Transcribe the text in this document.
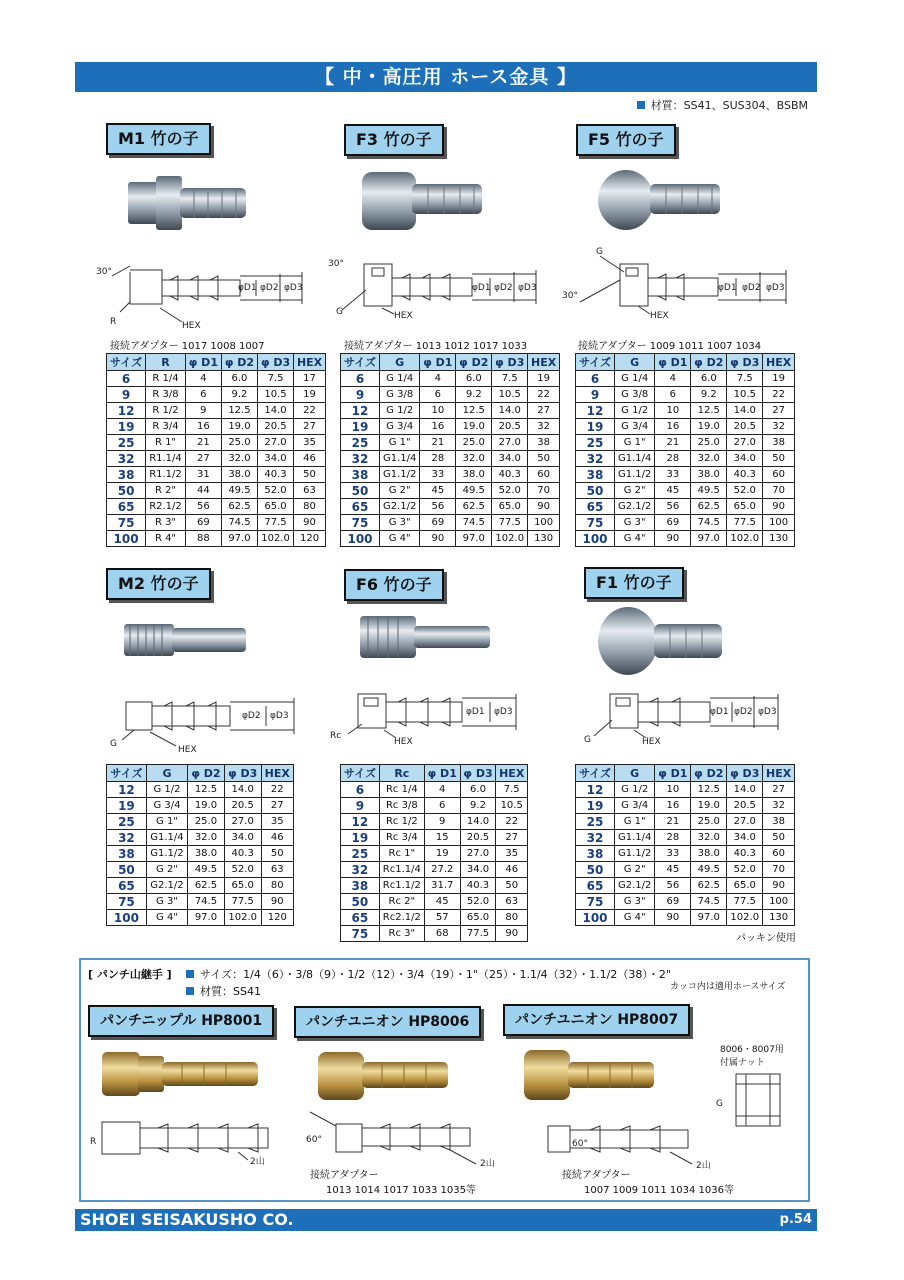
【 中・高圧用 ホース金具 】
材質：SS41、SUS304、BSBM
M1 竹の子	F3 竹の子	F5 竹の子
30°
R	HEX
φD1 φD2 φD3
30°
G	HEX
φD1 φD2 φD3
G
30°
HEX
φD1 φD2 φD3
接続アダプター 1017 1008 1007	接続アダプター 1013 1012 1017 1033	接続アダプター 1009 1011 1007 1034
サイズ	R	φ D1	φ D2	φ D3	HEX
6	R 1/4	4	6.0	7.5	17
9	R 3/8	6	9.2	10.5	19
12	R 1/2	9	12.5	14.0	22
19	R 3/4	16	19.0	20.5	27
25	R 1"	21	25.0	27.0	35
32	R1.1/4	27	32.0	34.0	46
38	R1.1/2	31	38.0	40.3	50
50	R 2"	44	49.5	52.0	63
65	R2.1/2	56	62.5	65.0	80
75	R 3"	69	74.5	77.5	90
100	R 4"	88	97.0	102.0	120
サイズ	G	φ D1	φ D2	φ D3	HEX
6	G 1/4	4	6.0	7.5	19
9	G 3/8	6	9.2	10.5	22
12	G 1/2	10	12.5	14.0	27
19	G 3/4	16	19.0	20.5	32
25	G 1"	21	25.0	27.0	38
32	G1.1/4	28	32.0	34.0	50
38	G1.1/2	33	38.0	40.3	60
50	G 2"	45	49.5	52.0	70
65	G2.1/2	56	62.5	65.0	90
75	G 3"	69	74.5	77.5	100
100	G 4"	90	97.0	102.0	130
サイズ	G	φ D1	φ D2	φ D3	HEX
6	G 1/4	4	6.0	7.5	19
9	G 3/8	6	9.2	10.5	22
12	G 1/2	10	12.5	14.0	27
19	G 3/4	16	19.0	20.5	32
25	G 1"	21	25.0	27.0	38
32	G1.1/4	28	32.0	34.0	50
38	G1.1/2	33	38.0	40.3	60
50	G 2"	45	49.5	52.0	70
65	G2.1/2	56	62.5	65.0	90
75	G 3"	69	74.5	77.5	100
100	G 4"	90	97.0	102.0	130
M2 竹の子	F6 竹の子	F1 竹の子
G
HEX
φD2 φD3
Rc
HEX
φD1 φD3
G	HEX
φD1 φD2 φD3
サイズ	G	φ D2	φ D3	HEX
12	G 1/2	12.5	14.0	22
19	G 3/4	19.0	20.5	27
25	G 1"	25.0	27.0	35
32	G1.1/4	32.0	34.0	46
38	G1.1/2	38.0	40.3	50
50	G 2"	49.5	52.0	63
65	G2.1/2	62.5	65.0	80
75	G 3"	74.5	77.5	90
100	G 4"	97.0	102.0	120
サイズ	Rc	φ D1	φ D3	HEX
6	Rc 1/4	4	6.0	7.5
9	Rc 3/8	6	9.2	10.5
12	Rc 1/2	9	14.0	22
19	Rc 3/4	15	20.5	27
25	Rc 1"	19	27.0	35
32	Rc1.1/4	27.2	34.0	46
38	Rc1.1/2	31.7	40.3	50
50	Rc 2"	45	52.0	63
65	Rc2.1/2	57	65.0	80
75	Rc 3"	68	77.5	90
サイズ	G	φ D1	φ D2	φ D3	HEX
12	G 1/2	10	12.5	14.0	27
19	G 3/4	16	19.0	20.5	32
25	G 1"	21	25.0	27.0	38
32	G1.1/4	28	32.0	34.0	50
38	G1.1/2	33	38.0	40.3	60
50	G 2"	45	49.5	52.0	70
65	G2.1/2	56	62.5	65.0	90
75	G 3"	69	74.5	77.5	100
100	G 4"	90	97.0	102.0	130
パッキン使用
[ パンチ山継手 ]	サイズ：1/4（6）・3/8（9）・1/2（12）・3/4（19）・1"（25）・1.1/4（32）・1.1/2（38）・2"
カッコ内は適用ホースサイズ
材質：SS41
パンチニップル HP8001	パンチユニオン HP8006	パンチユニオン HP8007
8006・8007用
付属ナット
G
R
2山
60°
2山
60°
2山
接続アダプター
1013 1014 1017 1033 1035等
接続アダプター
1007 1009 1011 1034 1036等
SHOEI SEISAKUSHO CO.	p.54
